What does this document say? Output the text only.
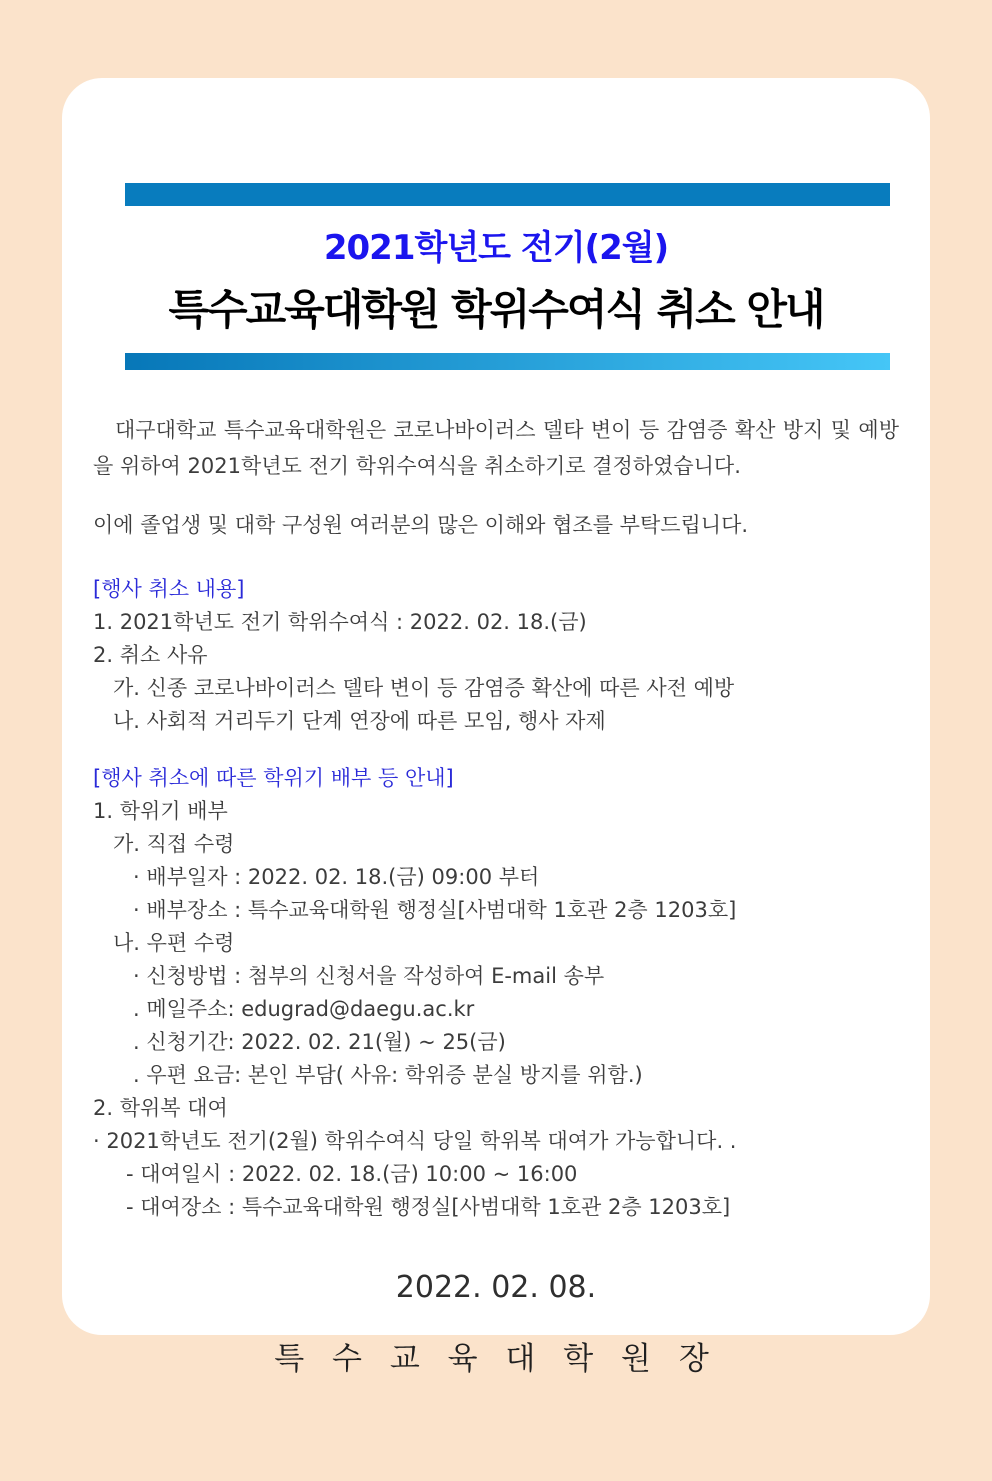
2021학년도 전기(2월)
특수교육대학원 학위수여식 취소 안내

대구대학교 특수교육대학원은 코로나바이러스 델타 변이 등 감염증 확산 방지 및 예방을 위하여 2021학년도 전기 학위수여식을 취소하기로 결정하였습니다.

이에 졸업생 및 대학 구성원 여러분의 많은 이해와 협조를 부탁드립니다.

[행사 취소 내용]
1. 2021학년도 전기 학위수여식 : 2022. 02. 18.(금)
2. 취소 사유
가. 신종 코로나바이러스 델타 변이 등 감염증 확산에 따른 사전 예방
나. 사회적 거리두기 단계 연장에 따른 모임, 행사 자제
[행사 취소에 따른 학위기 배부 등 안내]
1. 학위기 배부
가. 직접 수령
· 배부일자 : 2022. 02. 18.(금) 09:00 부터
· 배부장소 : 특수교육대학원 행정실[사범대학 1호관 2층 1203호]
나. 우편 수령
· 신청방법 : 첨부의 신청서을 작성하여 E-mail 송부
. 메일주소: edugrad@daegu.ac.kr
. 신청기간: 2022. 02. 21(월) ~ 25(금)
. 우편 요금: 본인 부담( 사유: 학위증 분실 방지를 위함.)
2. 학위복 대여
· 2021학년도 전기(2월) 학위수여식 당일 학위복 대여가 가능합니다. .
- 대여일시 : 2022. 02. 18.(금) 10:00 ~ 16:00
- 대여장소 : 특수교육대학원 행정실[사범대학 1호관 2층 1203호]
2022. 02. 08.
특 수 교 육 대 학 원 장
